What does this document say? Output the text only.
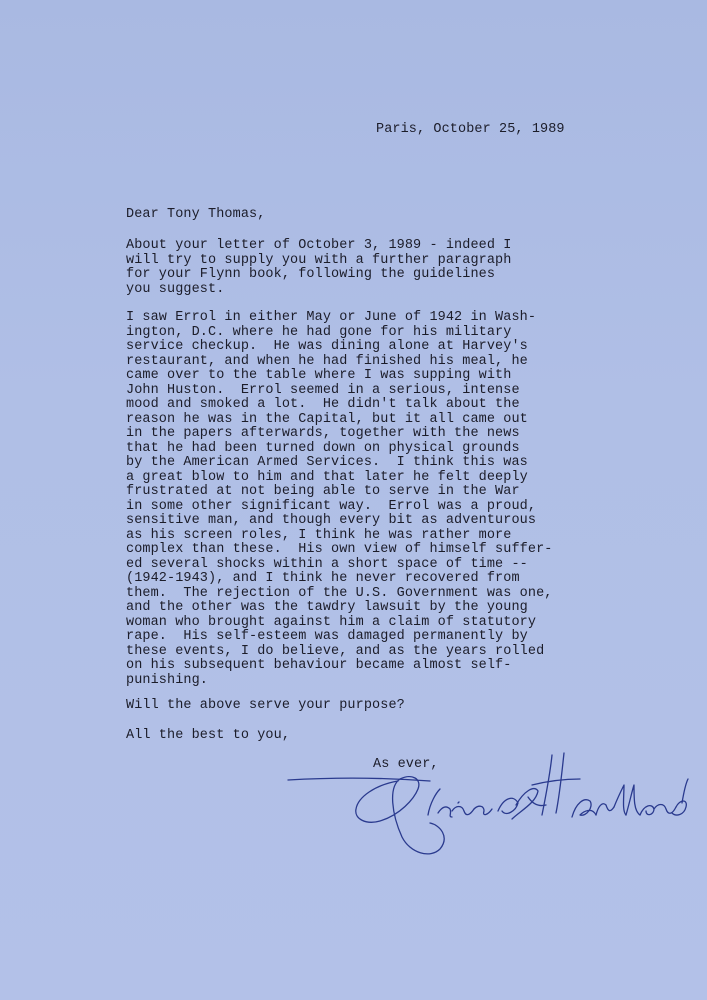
Paris, October 25, 1989
Dear Tony Thomas,
About your letter of October 3, 1989 - indeed I
will try to supply you with a further paragraph
for your Flynn book, following the guidelines
you suggest.
I saw Errol in either May or June of 1942 in Wash-
ington, D.C. where he had gone for his military
service checkup.  He was dining alone at Harvey's
restaurant, and when he had finished his meal, he
came over to the table where I was supping with
John Huston.  Errol seemed in a serious, intense
mood and smoked a lot.  He didn't talk about the
reason he was in the Capital, but it all came out
in the papers afterwards, together with the news
that he had been turned down on physical grounds
by the American Armed Services.  I think this was
a great blow to him and that later he felt deeply
frustrated at not being able to serve in the War
in some other significant way.  Errol was a proud,
sensitive man, and though every bit as adventurous
as his screen roles, I think he was rather more
complex than these.  His own view of himself suffer-
ed several shocks within a short space of time --
(1942-1943), and I think he never recovered from
them.  The rejection of the U.S. Government was one,
and the other was the tawdry lawsuit by the young
woman who brought against him a claim of statutory
rape.  His self-esteem was damaged permanently by
these events, I do believe, and as the years rolled
on his subsequent behaviour became almost self-
punishing.
Will the above serve your purpose?
All the best to you,
As ever,
